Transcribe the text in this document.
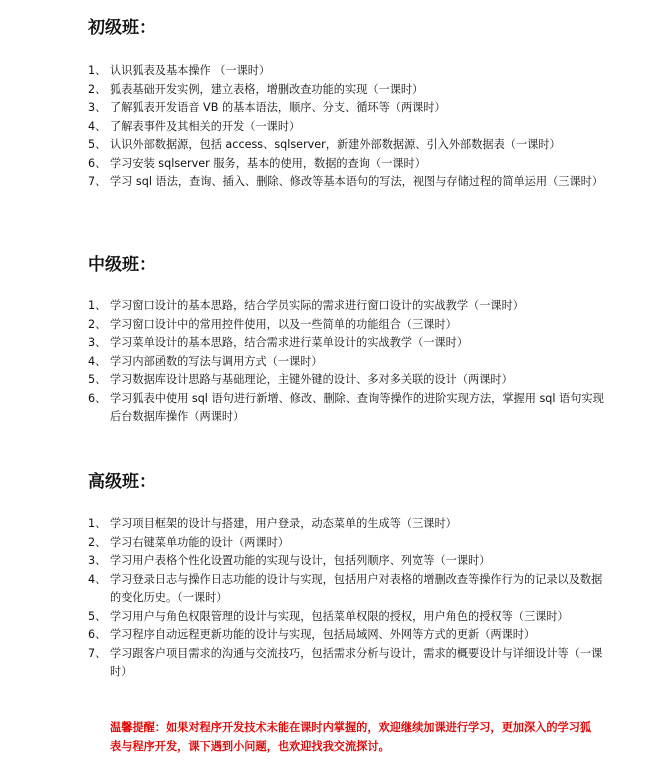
初级班：
1、 认识狐表及基本操作 （一课时）
2、 狐表基础开发实例，建立表格，增删改查功能的实现（一课时）
3、 了解狐表开发语音 VB 的基本语法，顺序、分支、循环等（两课时）
4、 了解表事件及其相关的开发（一课时）
5、 认识外部数据源，包括 access、sqlserver，新建外部数据源、引入外部数据表（一课时）
6、 学习安装 sqlserver 服务，基本的使用，数据的查询（一课时）
7、 学习 sql 语法，查询、插入、删除、修改等基本语句的写法，视图与存储过程的简单运用（三课时）
中级班：
1、 学习窗口设计的基本思路，结合学员实际的需求进行窗口设计的实战教学（一课时）
2、 学习窗口设计中的常用控件使用，以及一些简单的功能组合（三课时）
3、 学习菜单设计的基本思路，结合需求进行菜单设计的实战教学（一课时）
4、 学习内部函数的写法与调用方式（一课时）
5、 学习数据库设计思路与基础理论，主键外键的设计、多对多关联的设计（两课时）
6、 学习狐表中使用 sql 语句进行新增、修改、删除、查询等操作的进阶实现方法，掌握用 sql 语句实现后台数据库操作（两课时）
高级班：
1、 学习项目框架的设计与搭建，用户登录，动态菜单的生成等（三课时）
2、 学习右键菜单功能的设计（两课时）
3、 学习用户表格个性化设置功能的实现与设计，包括列顺序、列宽等（一课时）
4、 学习登录日志与操作日志功能的设计与实现，包括用户对表格的增删改查等操作行为的记录以及数据的变化历史。（一课时）
5、 学习用户与角色权限管理的设计与实现，包括菜单权限的授权，用户角色的授权等（三课时）
6、 学习程序自动远程更新功能的设计与实现，包括局域网、外网等方式的更新（两课时）
7、 学习跟客户项目需求的沟通与交流技巧，包括需求分析与设计，需求的概要设计与详细设计等（一课时）
温馨提醒：如果对程序开发技术未能在课时内掌握的，欢迎继续加课进行学习，更加深入的学习狐表与程序开发，课下遇到小问题，也欢迎找我交流探讨。
